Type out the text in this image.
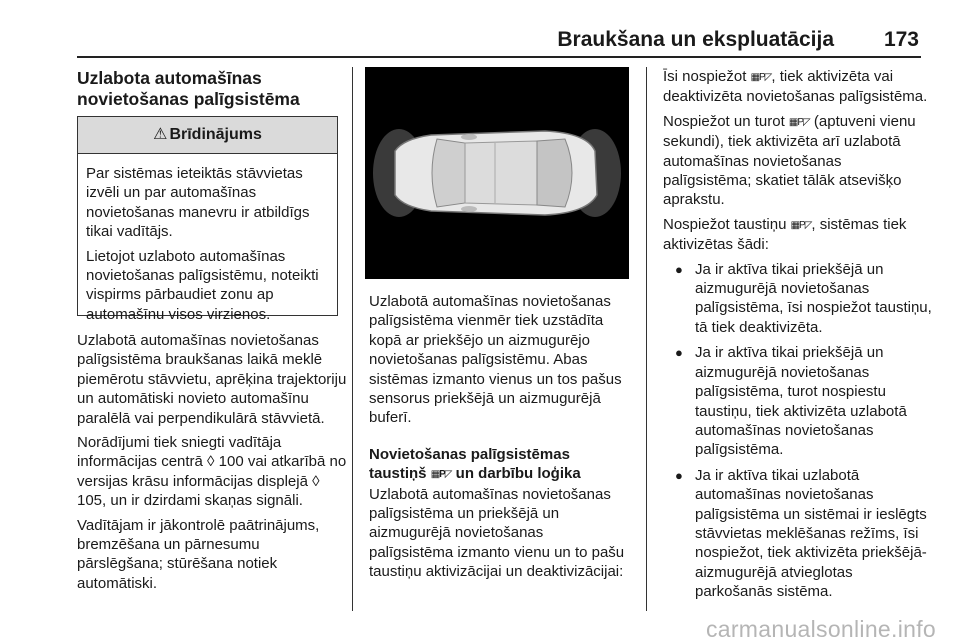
Braukšana un ekspluatācija 173
Uzlabota automašīnas
novietošanas palīgsistēma
⚠ Brīdinājums

Par sistēmas ieteiktās stāvvietas izvēli un par automašīnas novietošanas manevru ir atbildīgs tikai vadītājs.

Lietojot uzlaboto automašīnas novietošanas palīgsistēmu, noteikti vispirms pārbaudiet zonu ap automašīnu visos virzienos.

Uzlabotā automašīnas novietošanas palīgsistēma braukšanas laikā meklē piemērotu stāvvietu, aprēķina trajektoriju un automātiski novieto automašīnu paralēlā vai perpendikulārā stāvvietā.

Norādījumi tiek sniegti vadītāja informācijas centrā ◊ 100 vai atkarībā no versijas krāsu informācijas displejā ◊ 105, un ir dzirdami skaņas signāli.

Vadītājam ir jākontrolē paātrinājums, bremzēšana un pārnesumu pārslēgšana; stūrēšana notiek automātiski.

Uzlabotā automašīnas novietošanas palīgsistēma vienmēr tiek uzstādīta kopā ar priekšējo un aizmugurējo novietošanas palīgsistēmu. Abas sistēmas izmanto vienus un tos pašus sensorus priekšējā un aizmugurējā buferī.

Novietošanas palīgsistēmas
taustiņš ▦P◸ un darbību loģika

Uzlabotā automašīnas novietošanas palīgsistēma un priekšējā un aizmugurējā novietošanas palīgsistēma izmanto vienu un to pašu taustiņu aktivizācijai un deaktivizācijai:

Īsi nospiežot ▦P◸, tiek aktivizēta vai deaktivizēta novietošanas palīgsistēma.

Nospiežot un turot ▦P◸ (aptuveni vienu sekundi), tiek aktivizēta arī uzlabotā automašīnas novietošanas palīgsistēma; skatiet tālāk atsevišķo aprakstu.

Nospiežot taustiņu ▦P◸, sistēmas tiek aktivizētas šādi:

● Ja ir aktīva tikai priekšējā un aizmugurējā novietošanas palīgsistēma, īsi nospiežot taustiņu, tā tiek deaktivizēta.
● Ja ir aktīva tikai priekšējā un aizmugurējā novietošanas palīgsistēma, turot nospiestu taustiņu, tiek aktivizēta uzlabotā automašīnas novietošanas palīgsistēma.
● Ja ir aktīva tikai uzlabotā automašīnas novietošanas palīgsistēma un sistēmai ir ieslēgts stāvvietas meklēšanas režīms, īsi nospiežot, tiek aktivizēta priekšējā-aizmugurējā atvieglotas parkošanās sistēma.
carmanualsonline.info
